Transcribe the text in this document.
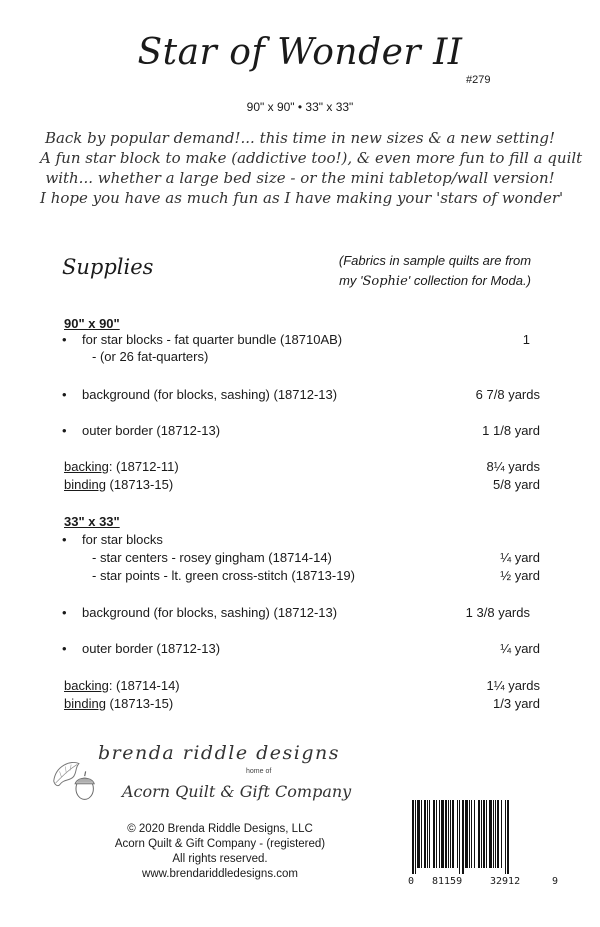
Star of Wonder II
#279
90" x 90" • 33" x 33"
Back by popular demand!... this time in new sizes & a new setting!
A fun star block to make (addictive too!), & even more fun to fill a quilt
with... whether a large bed size - or the mini tabletop/wall version!
I hope you have as much fun as I have making your 'stars of wonder'
Supplies	(Fabrics in sample quilts are from
my 'Sophie' collection for Moda.)
90" x 90"
•	for star blocks - fat quarter bundle (18710AB)	1
- (or 26 fat-quarters)
•	background (for blocks, sashing) (18712-13)	6 7/8 yards
•	outer border (18712-13)	1 1/8 yard
backing: (18712-11)	8¼ yards
binding (18713-15)	5/8 yard
33" x 33"
•	for star blocks
- star centers - rosey gingham (18714-14)	¼ yard
- star points - lt. green cross-stitch (18713-19)	½ yard
•	background (for blocks, sashing) (18712-13)	1 3/8 yards
•	outer border (18712-13)	¼ yard
backing: (18714-14)	1¼ yards
binding (18713-15)	1/3 yard
brenda riddle designs
home of
Acorn Quilt & Gift Company
© 2020 Brenda Riddle Designs, LLC
Acorn Quilt & Gift Company - (registered)
All rights reserved.
www.brendariddledesigns.com
0 81159	32912	9
